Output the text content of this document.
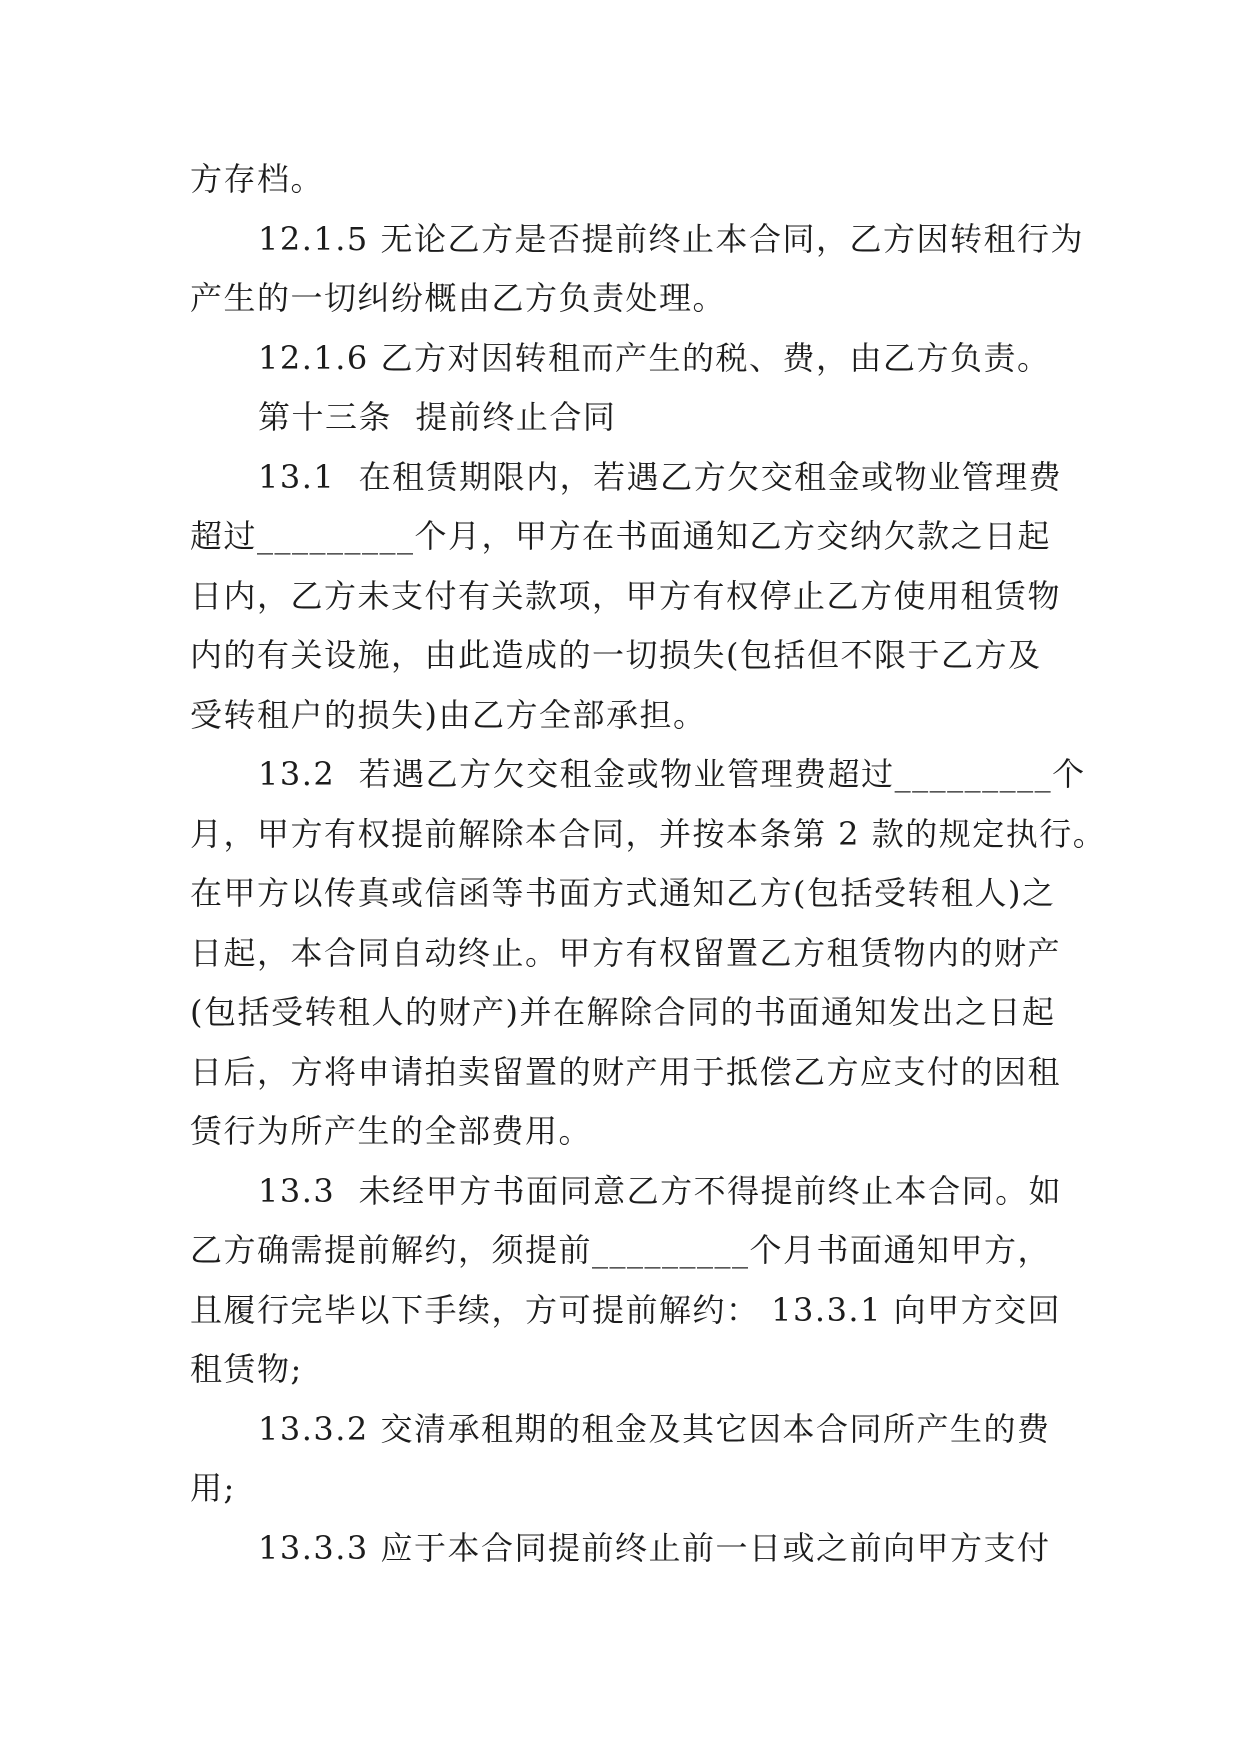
方存档。
12.1.5 无论乙方是否提前终止本合同，乙方因转租行为
产生的一切纠纷概由乙方负责处理。
12.1.6 乙方对因转租而产生的税、费，由乙方负责。
第十三条  提前终止合同
13.1  在租赁期限内，若遇乙方欠交租金或物业管理费
超过_________个月，甲方在书面通知乙方交纳欠款之日起
日内，乙方未支付有关款项，甲方有权停止乙方使用租赁物
内的有关设施，由此造成的一切损失(包括但不限于乙方及
受转租户的损失)由乙方全部承担。
13.2  若遇乙方欠交租金或物业管理费超过_________个
月，甲方有权提前解除本合同，并按本条第 2 款的规定执行。
在甲方以传真或信函等书面方式通知乙方(包括受转租人)之
日起，本合同自动终止。甲方有权留置乙方租赁物内的财产
(包括受转租人的财产)并在解除合同的书面通知发出之日起
日后，方将申请拍卖留置的财产用于抵偿乙方应支付的因租
赁行为所产生的全部费用。
13.3  未经甲方书面同意乙方不得提前终止本合同。如
乙方确需提前解约，须提前_________个月书面通知甲方，
且履行完毕以下手续，方可提前解约： 13.3.1 向甲方交回
租赁物;
13.3.2 交清承租期的租金及其它因本合同所产生的费
用;
13.3.3 应于本合同提前终止前一日或之前向甲方支付
